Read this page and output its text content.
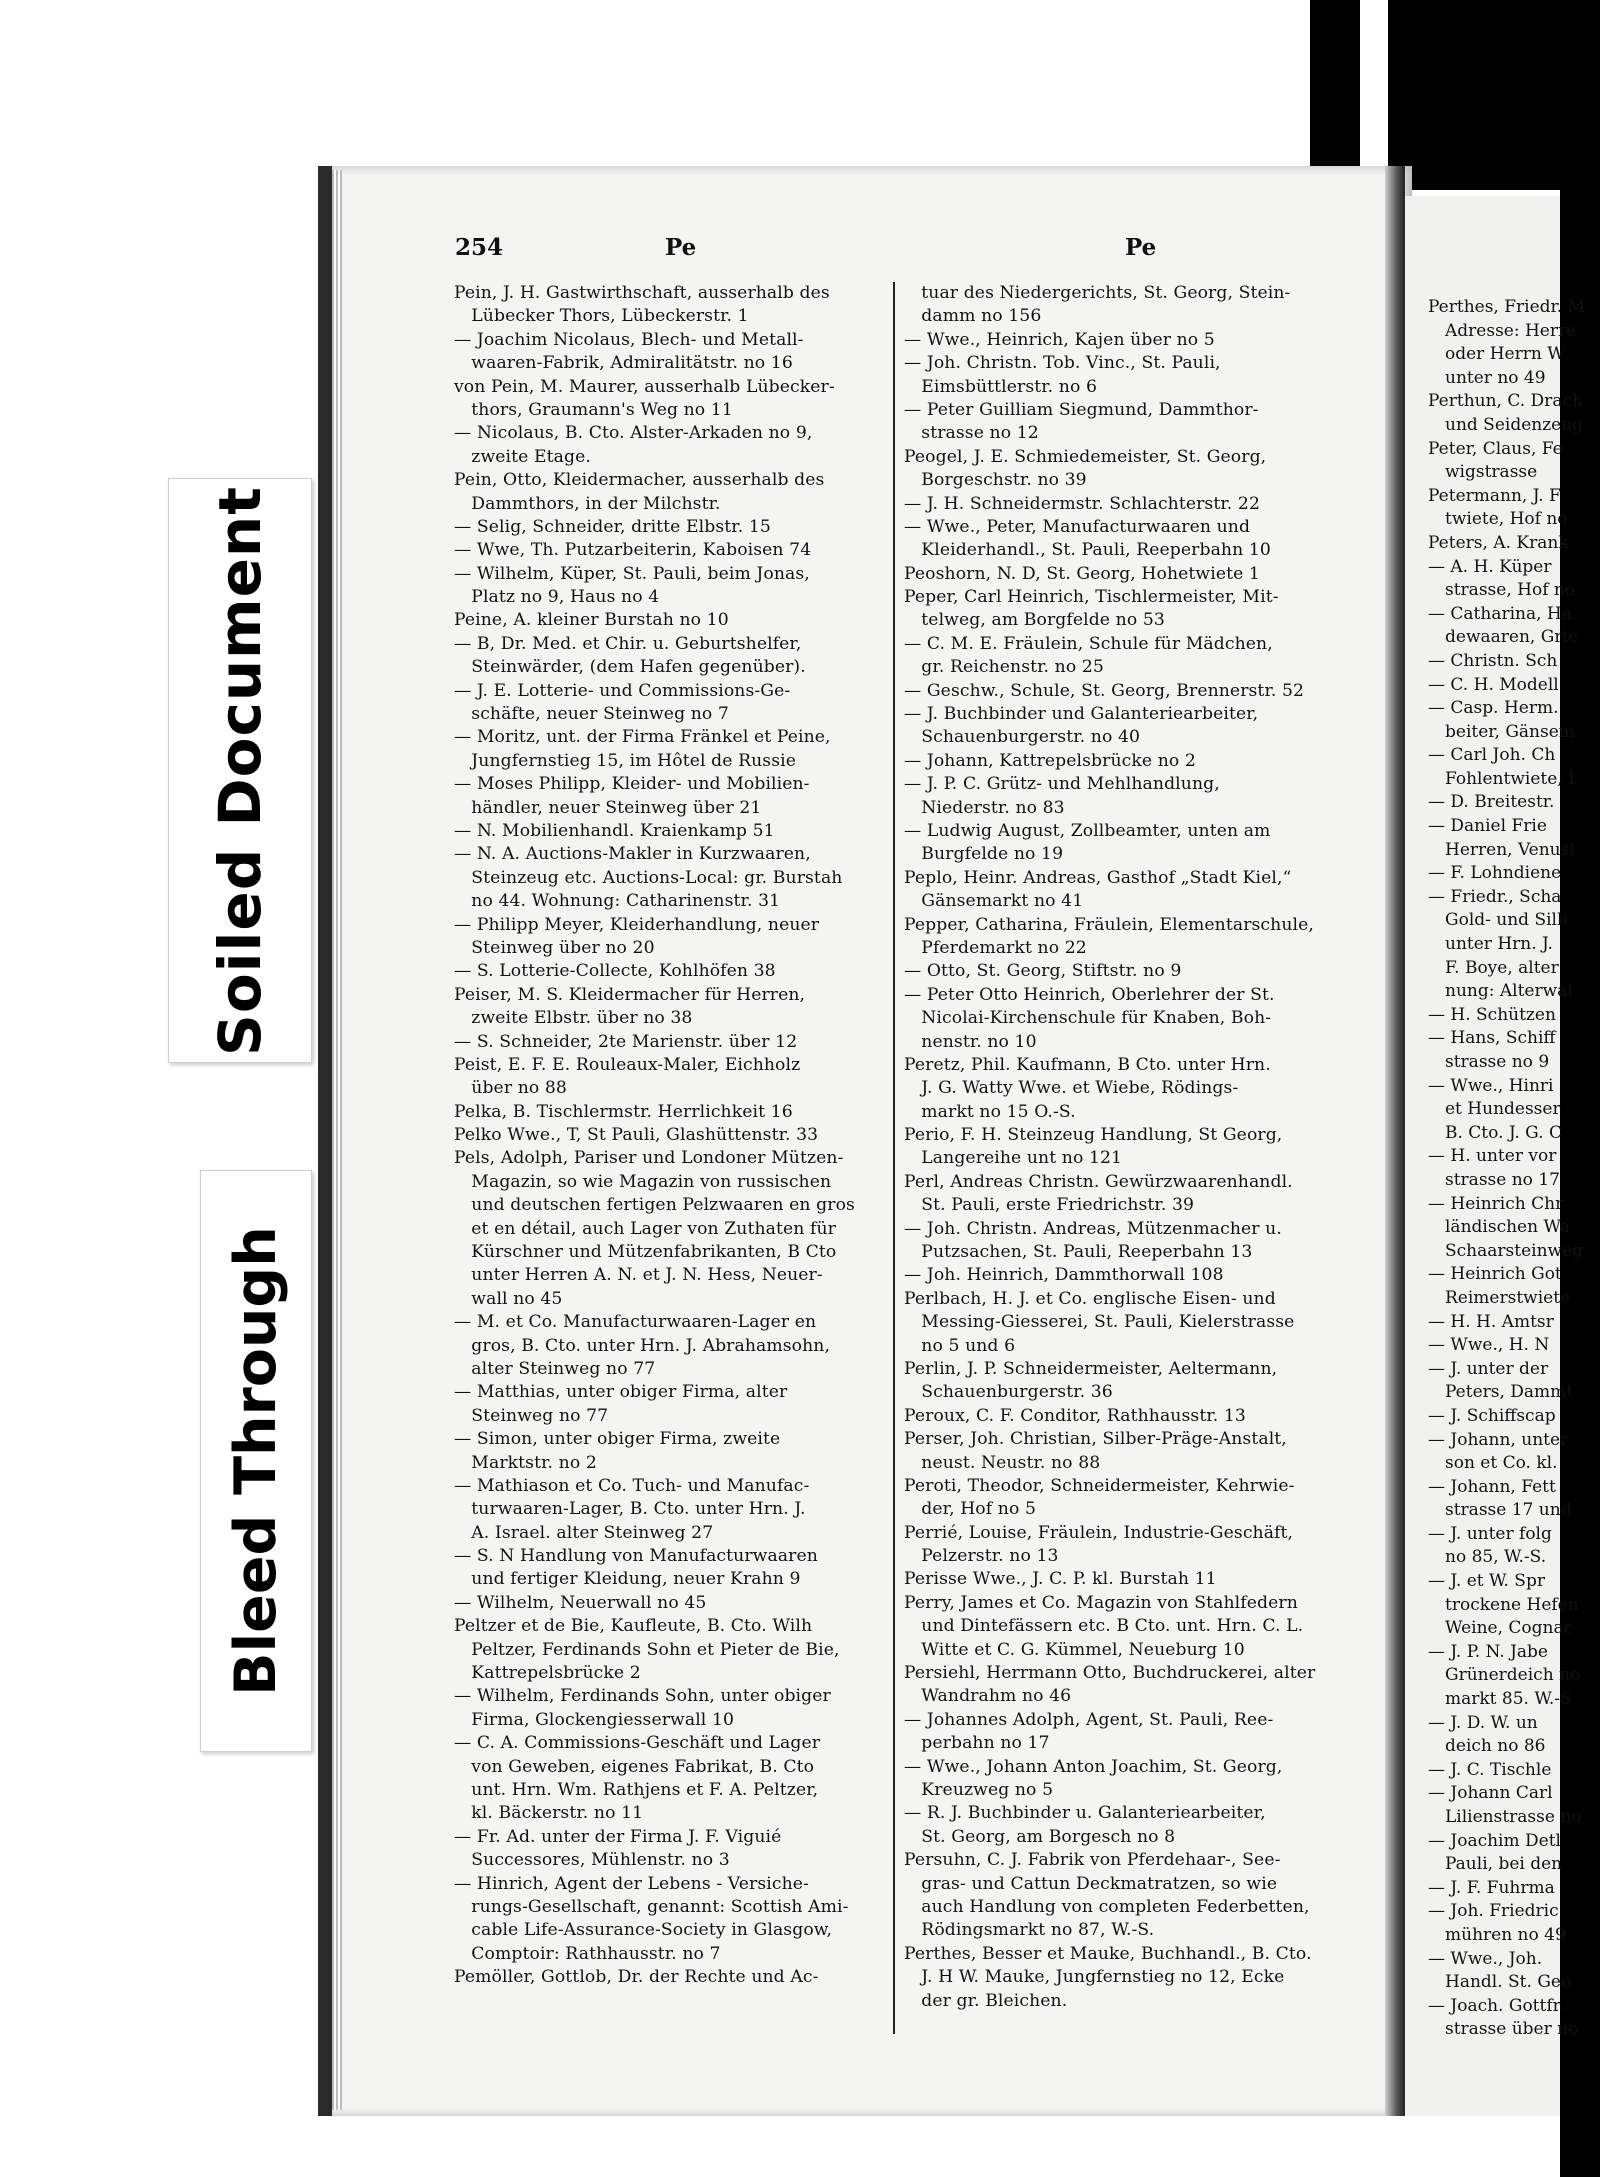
254	Pe	Pe
Pein, J. H. Gastwirthschaft, ausserhalb des
 Lübecker Thors, Lübeckerstr. 1
— Joachim Nicolaus, Blech- und Metall-
 waaren-Fabrik, Admiralitätstr. no 16
von Pein, M. Maurer, ausserhalb Lübecker-
 thors, Graumann's Weg no 11
— Nicolaus, B. Cto. Alster-Arkaden no 9,
 zweite Etage.
Pein, Otto, Kleidermacher, ausserhalb des
 Dammthors, in der Milchstr.
— Selig, Schneider, dritte Elbstr. 15
— Wwe, Th. Putzarbeiterin, Kaboisen 74
— Wilhelm, Küper, St. Pauli, beim Jonas,
 Platz no 9, Haus no 4
Peine, A. kleiner Burstah no 10
— B, Dr. Med. et Chir. u. Geburtshelfer,
 Steinwärder, (dem Hafen gegenüber).
— J. E. Lotterie- und Commissions-Ge-
 schäfte, neuer Steinweg no 7
— Moritz, unt. der Firma Fränkel et Peine,
 Jungfernstieg 15, im Hôtel de Russie
— Moses Philipp, Kleider- und Mobilien-
 händler, neuer Steinweg über 21
— N. Mobilienhandl. Kraienkamp 51
— N. A. Auctions-Makler in Kurzwaaren,
 Steinzeug etc. Auctions-Local: gr. Burstah
 no 44. Wohnung: Catharinenstr. 31
— Philipp Meyer, Kleiderhandlung, neuer
 Steinweg über no 20
— S. Lotterie-Collecte, Kohlhöfen 38
Peiser, M. S. Kleidermacher für Herren,
 zweite Elbstr. über no 38
— S. Schneider, 2te Marienstr. über 12
Peist, E. F. E. Rouleaux-Maler, Eichholz
 über no 88
Pelka, B. Tischlermstr. Herrlichkeit 16
Pelko Wwe., T, St Pauli, Glashüttenstr. 33
Pels, Adolph, Pariser und Londoner Mützen-
 Magazin, so wie Magazin von russischen
 und deutschen fertigen Pelzwaaren en gros
 et en détail, auch Lager von Zuthaten für
 Kürschner und Mützenfabrikanten, B Cto
 unter Herren A. N. et J. N. Hess, Neuer-
 wall no 45
— M. et Co. Manufacturwaaren-Lager en
 gros, B. Cto. unter Hrn. J. Abrahamsohn,
 alter Steinweg no 77
— Matthias, unter obiger Firma, alter
 Steinweg no 77
— Simon, unter obiger Firma, zweite
 Marktstr. no 2
— Mathiason et Co. Tuch- und Manufac-
 turwaaren-Lager, B. Cto. unter Hrn. J.
 A. Israel. alter Steinweg 27
— S. N Handlung von Manufacturwaaren
 und fertiger Kleidung, neuer Krahn 9
— Wilhelm, Neuerwall no 45
Peltzer et de Bie, Kaufleute, B. Cto. Wilh
 Peltzer, Ferdinands Sohn et Pieter de Bie,
 Kattrepelsbrücke 2
— Wilhelm, Ferdinands Sohn, unter obiger
 Firma, Glockengiesserwall 10
— C. A. Commissions-Geschäft und Lager
 von Geweben, eigenes Fabrikat, B. Cto
 unt. Hrn. Wm. Rathjens et F. A. Peltzer,
 kl. Bäckerstr. no 11
— Fr. Ad. unter der Firma J. F. Viguié
 Successores, Mühlenstr. no 3
— Hinrich, Agent der Lebens - Versiche-
 rungs-Gesellschaft, genannt: Scottish Ami-
 cable Life-Assurance-Society in Glasgow,
 Comptoir: Rathhausstr. no 7
Pemöller, Gottlob, Dr. der Rechte und Ac-
 tuar des Niedergerichts, St. Georg, Stein-
 damm no 156
— Wwe., Heinrich, Kajen über no 5
— Joh. Christn. Tob. Vinc., St. Pauli,
 Eimsbüttlerstr. no 6
— Peter Guilliam Siegmund, Dammthor-
 strasse no 12
Peogel, J. E. Schmiedemeister, St. Georg,
 Borgeschstr. no 39
— J. H. Schneidermstr. Schlachterstr. 22
— Wwe., Peter, Manufacturwaaren und
 Kleiderhandl., St. Pauli, Reeperbahn 10
Peoshorn, N. D, St. Georg, Hohetwiete 1
Peper, Carl Heinrich, Tischlermeister, Mit-
 telweg, am Borgfelde no 53
— C. M. E. Fräulein, Schule für Mädchen,
 gr. Reichenstr. no 25
— Geschw., Schule, St. Georg, Brennerstr. 52
— J. Buchbinder und Galanteriearbeiter,
 Schauenburgerstr. no 40
— Johann, Kattrepelsbrücke no 2
— J. P. C. Grütz- und Mehlhandlung,
 Niederstr. no 83
— Ludwig August, Zollbeamter, unten am
 Burgfelde no 19
Peplo, Heinr. Andreas, Gasthof „Stadt Kiel,“
 Gänsemarkt no 41
Pepper, Catharina, Fräulein, Elementarschule,
 Pferdemarkt no 22
— Otto, St. Georg, Stiftstr. no 9
— Peter Otto Heinrich, Oberlehrer der St.
 Nicolai-Kirchenschule für Knaben, Boh-
 nenstr. no 10
Peretz, Phil. Kaufmann, B Cto. unter Hrn.
 J. G. Watty Wwe. et Wiebe, Rödings-
 markt no 15 O.-S.
Perio, F. H. Steinzeug Handlung, St Georg,
 Langereihe unt no 121
Perl, Andreas Christn. Gewürzwaarenhandl.
 St. Pauli, erste Friedrichstr. 39
— Joh. Christn. Andreas, Mützenmacher u.
 Putzsachen, St. Pauli, Reeperbahn 13
— Joh. Heinrich, Dammthorwall 108
Perlbach, H. J. et Co. englische Eisen- und
 Messing-Giesserei, St. Pauli, Kielerstrasse
 no 5 und 6
Perlin, J. P. Schneidermeister, Aeltermann,
 Schauenburgerstr. 36
Peroux, C. F. Conditor, Rathhausstr. 13
Perser, Joh. Christian, Silber-Präge-Anstalt,
 neust. Neustr. no 88
Peroti, Theodor, Schneidermeister, Kehrwie-
 der, Hof no 5
Perrié, Louise, Fräulein, Industrie-Geschäft,
 Pelzerstr. no 13
Perisse Wwe., J. C. P. kl. Burstah 11
Perry, James et Co. Magazin von Stahlfedern
 und Dintefässern etc. B Cto. unt. Hrn. C. L.
 Witte et C. G. Kümmel, Neueburg 10
Persiehl, Herrmann Otto, Buchdruckerei, alter
 Wandrahm no 46
— Johannes Adolph, Agent, St. Pauli, Ree-
 perbahn no 17
— Wwe., Johann Anton Joachim, St. Georg,
 Kreuzweg no 5
— R. J. Buchbinder u. Galanteriearbeiter,
 St. Georg, am Borgesch no 8
Persuhn, C. J. Fabrik von Pferdehaar-, See-
 gras- und Cattun Deckmatratzen, so wie
 auch Handlung von completen Federbetten,
 Rödingsmarkt no 87, W.-S.
Perthes, Besser et Mauke, Buchhandl., B. Cto.
 J. H W. Mauke, Jungfernstieg no 12, Ecke
 der gr. Bleichen.
Perthes, Friedr. M
 Adresse: Herre
 oder Herrn W
 unter no 49
Perthun, C. Drach
 und Seidenzeug
Peter, Claus, Fe
 wigstrasse
Petermann, J. F
 twiete, Hof no
Peters, A. Krank
— A. H. Küper
 strasse, Hof no
— Catharina, Ha
 dewaaren, Grie
— Christn. Sch
— C. H. Modell
— Casp. Herm.
 beiter, Gänsem
— Carl Joh. Ch
 Fohlentwiete, I
— D. Breitestr.
— Daniel Frie
 Herren, Venusl
— F. Lohndiene
— Friedr., Scha
 Gold- und Silb
 unter Hrn. J.
 F. Boye, alter
 nung: Alterwal
— H. Schützen
— Hans, Schiff
 strasse no 9
— Wwe., Hinri
 et Hundesser
 B. Cto. J. G. C
— H. unter vor
 strasse no 17
— Heinrich Chr
 ländischen Wa
 Schaarsteinweg
— Heinrich Got
 Reimerstwiete
— H. H. Amtsr
— Wwe., H. N
— J. unter der
 Peters, Dammt
— J. Schiffscap
— Johann, unter
 son et Co. kl.
— Johann, Fett
 strasse 17 und
— J. unter folg
 no 85, W.-S.
— J. et W. Spr
 trockene Hefen
 Weine, Cognac
— J. P. N. Jabe
 Grünerdeich no
 markt 85. W.-S
— J. D. W. un
 deich no 86
— J. C. Tischle
— Johann Carl
 Lilienstrasse no
— Joachim Detl
 Pauli, bei den
— J. F. Fuhrma
— Joh. Friedric
 mühren no 49
— Wwe., Joh.
 Handl. St. Geo
— Joach. Gottfr.
 strasse über no
Soiled Document
Bleed Through
